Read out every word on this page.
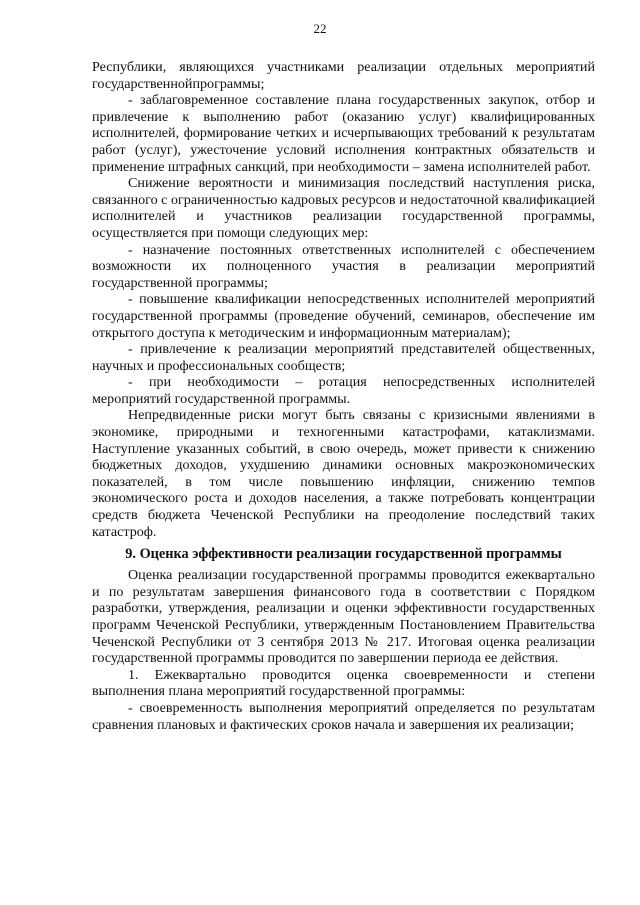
22

Республики, являющихся участниками реализации отдельных мероприятий государственнойпрограммы;

- заблаговременное составление плана государственных закупок, отбор и привлечение к выполнению работ (оказанию услуг) квалифицированных исполнителей, формирование четких и исчерпывающих требований к результатам работ (услуг), ужесточение условий исполнения контрактных обязательств и применение штрафных санкций, при необходимости – замена исполнителей работ.

Снижение вероятности и минимизация последствий наступления риска, связанного с ограниченностью кадровых ресурсов и недостаточной квалификацией исполнителей и участников реализации государственной программы, осуществляется при помощи следующих мер:

- назначение постоянных ответственных исполнителей с обеспечением возможности их полноценного участия в реализации мероприятий государственной программы;

- повышение квалификации непосредственных исполнителей мероприятий государственной программы (проведение обучений, семинаров, обеспечение им открытого доступа к методическим и информационным материалам);

- привлечение к реализации мероприятий представителей общественных, научных и профессиональных сообществ;

- при необходимости – ротация непосредственных исполнителей мероприятий государственной программы.

Непредвиденные риски могут быть связаны с кризисными явлениями в экономике, природными и техногенными катастрофами, катаклизмами. Наступление указанных событий, в свою очередь, может привести к снижению бюджетных доходов, ухудшению динамики основных макроэкономических показателей, в том числе повышению инфляции, снижению темпов экономического роста и доходов населения, а также потребовать концентрации средств бюджета Чеченской Республики на преодоление последствий таких катастроф.

9. Оценка эффективности реализации государственной программы

Оценка реализации государственной программы проводится ежеквартально и по результатам завершения финансового года в соответствии с Порядком разработки, утверждения, реализации и оценки эффективности государственных программ Чеченской Республики, утвержденным Постановлением Правительства Чеченской Республики от 3 сентября 2013 № 217. Итоговая оценка реализации государственной программы проводится по завершении периода ее действия.

1. Ежеквартально проводится оценка своевременности и степени выполнения плана мероприятий государственной программы:

- своевременность выполнения мероприятий определяется по результатам сравнения плановых и фактических сроков начала и завершения их реализации;
